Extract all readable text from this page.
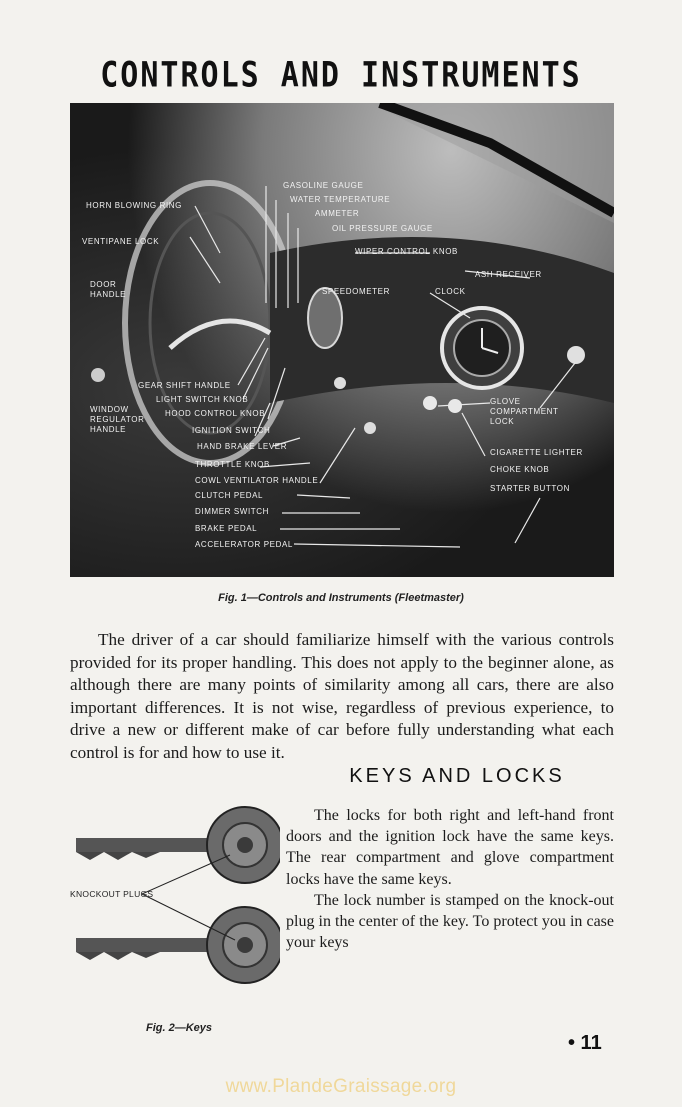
CONTROLS AND INSTRUMENTS
HORN BLOWING RING
VENTIPANE LOCK
DOOR
HANDLE
GASOLINE GAUGE
WATER TEMPERATURE
AMMETER
OIL PRESSURE GAUGE
WIPER CONTROL KNOB
ASH RECEIVER
SPEEDOMETER	CLOCK
GEAR SHIFT HANDLE
LIGHT SWITCH KNOB
HOOD CONTROL KNOB
WINDOW
REGULATOR
HANDLE	IGNITION SWITCH
HAND BRAKE LEVER
THROTTLE KNOB
COWL VENTILATOR HANDLE
CLUTCH PEDAL
DIMMER SWITCH
BRAKE PEDAL
ACCELERATOR PEDAL
GLOVE
COMPARTMENT
LOCK
CIGARETTE LIGHTER
CHOKE KNOB
STARTER BUTTON
Fig. 1—Controls and Instruments (Fleetmaster)
The driver of a car should familiarize himself with the various controls provided for its proper handling. This does not apply to the beginner alone, as although there are many points of similarity among all cars, there are also important differences. It is not wise, regardless of previous experience, to drive a new or different make of car before fully understanding what each control is for and how to use it.
KEYS AND LOCKS

The locks for both right and left-hand front doors and the ignition lock have the same keys. The rear compartment and glove compartment locks have the same keys.

The lock number is stamped on the knock-out plug in the center of the key. To protect you in case your keys

KNOCKOUT PLUGS
Fig. 2—Keys
• 11
www.PlandeGraissage.org
